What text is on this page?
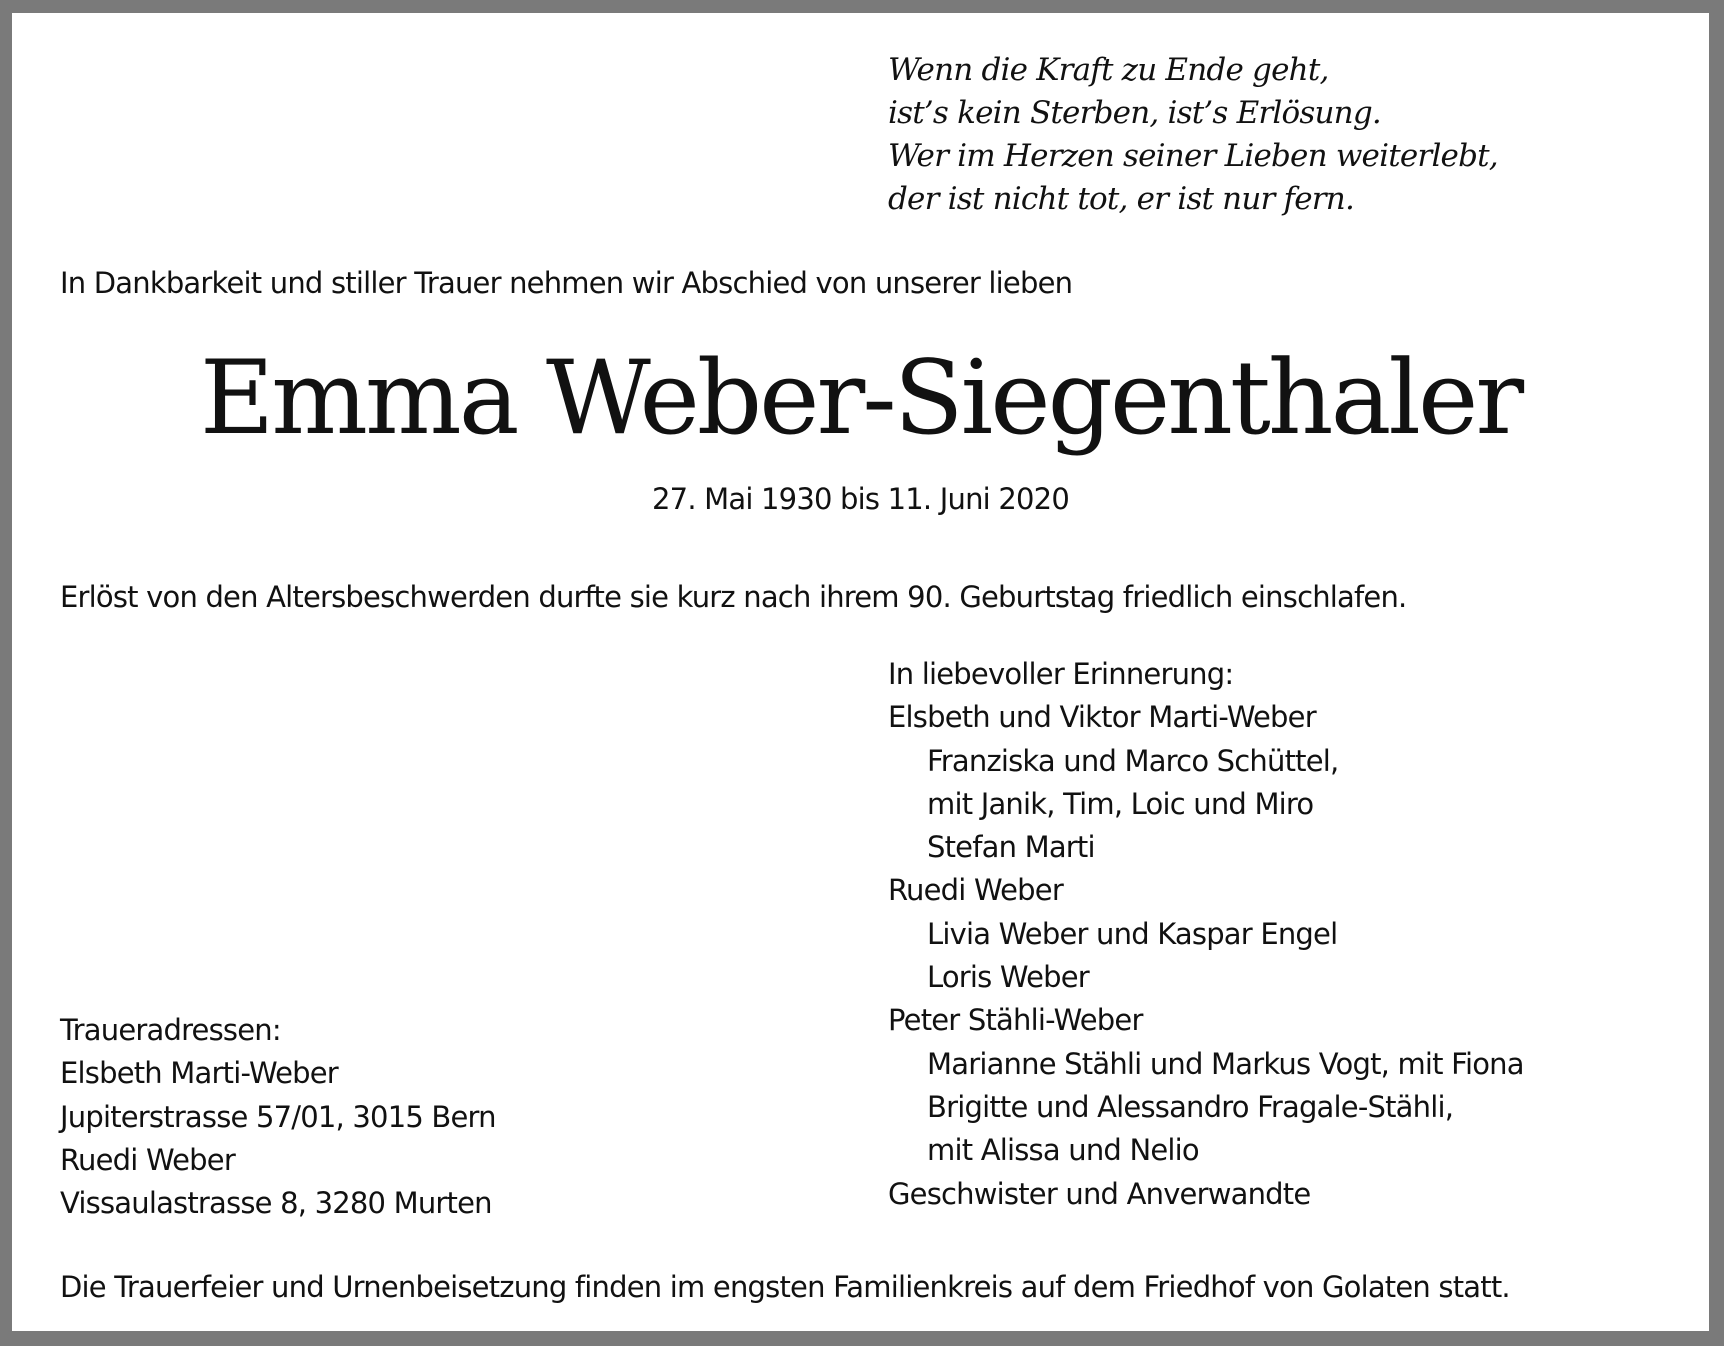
Wenn die Kraft zu Ende geht,
ist’s kein Sterben, ist’s Erlösung.
Wer im Herzen seiner Lieben weiterlebt,
der ist nicht tot, er ist nur fern.
In Dankbarkeit und stiller Trauer nehmen wir Abschied von unserer lieben
Emma Weber-Siegenthaler
27. Mai 1930 bis 11. Juni 2020
Erlöst von den Altersbeschwerden durfte sie kurz nach ihrem 90. Geburtstag friedlich einschlafen.
In liebevoller Erinnerung:
Elsbeth und Viktor Marti-Weber
Franziska und Marco Schüttel,
mit Janik, Tim, Loic und Miro
Stefan Marti
Ruedi Weber
Livia Weber und Kaspar Engel
Loris Weber
Peter Stähli-Weber
Marianne Stähli und Markus Vogt, mit Fiona
Brigitte und Alessandro Fragale-Stähli,
mit Alissa und Nelio
Geschwister und Anverwandte
Traueradressen:
Elsbeth Marti-Weber
Jupiterstrasse 57/01, 3015 Bern
Ruedi Weber
Vissaulastrasse 8, 3280 Murten
Die Trauerfeier und Urnenbeisetzung finden im engsten Familienkreis auf dem Friedhof von Golaten statt.
